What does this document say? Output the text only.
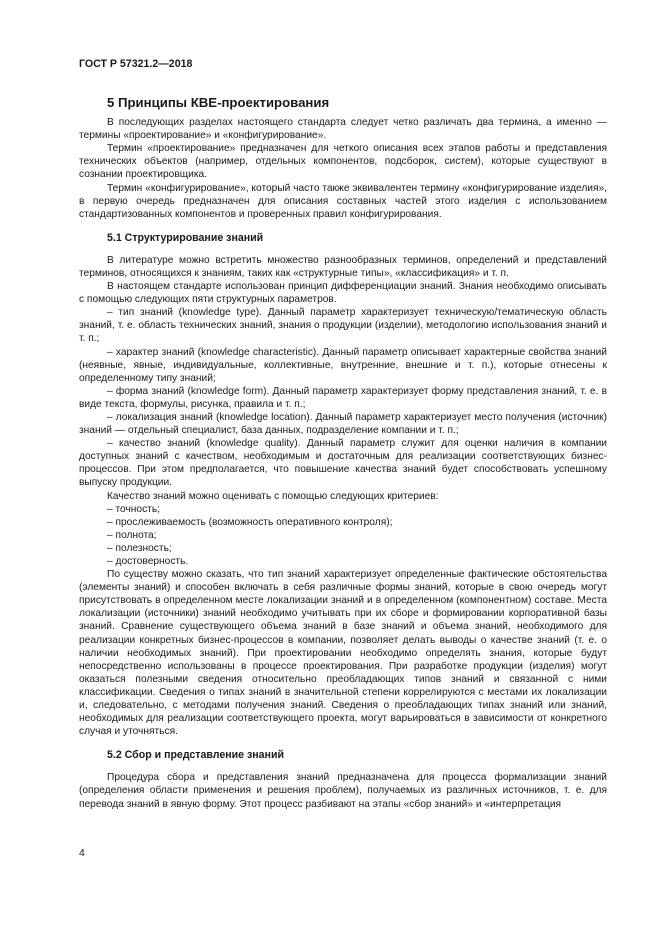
ГОСТ Р 57321.2—2018
5 Принципы КВЕ-проектирования

В последующих разделах настоящего стандарта следует четко различать два термина, а именно — термины «проектирование» и «конфигурирование».

Термин «проектирование» предназначен для четкого описания всех этапов работы и представления технических объектов (например, отдельных компонентов, подсборок, систем), которые существуют в сознании проектировщика.

Термин «конфигурирование», который часто также эквивалентен термину «конфигурирование изделия», в первую очередь предназначен для описания составных частей этого изделия с использованием стандартизованных компонентов и проверенных правил конфигурирования.

5.1 Структурирование знаний

В литературе можно встретить множество разнообразных терминов, определений и представлений терминов, относящихся к знаниям, таких как «структурные типы», «классификация» и т. п.

В настоящем стандарте использован принцип дифференциации знаний. Знания необходимо описывать с помощью следующих пяти структурных параметров.

– тип знаний (knowledge type). Данный параметр характеризует техническую/тематическую область знаний, т. е. область технических знаний, знания о продукции (изделии), методологию использования знаний и т. п.;

– характер знаний (knowledge characteristic). Данный параметр описывает характерные свойства знаний (неявные, явные, индивидуальные, коллективные, внутренние, внешние и т. п.), которые отнесены к определенному типу знаний;

– форма знаний (knowledge form). Данный параметр характеризует форму представления знаний, т. е. в виде текста, формулы, рисунка, правила и т. п.;

– локализация знаний (knowledge location). Данный параметр характеризует место получения (источник) знаний — отдельный специалист, база данных, подразделение компании и т. п.;

– качество знаний (knowledge quality). Данный параметр служит для оценки наличия в компании доступных знаний с качеством, необходимым и достаточным для реализации соответствующих бизнес-процессов. При этом предполагается, что повышение качества знаний будет способствовать успешному выпуску продукции.

Качество знаний можно оценивать с помощью следующих критериев:

– точность;

– прослеживаемость (возможность оперативного контроля);

– полнота;

– полезность;

– достоверность.

По существу можно сказать, что тип знаний характеризует определенные фактические обстоятельства (элементы знаний) и способен включать в себя различные формы знаний, которые в свою очередь могут присутствовать в определенном месте локализации знаний и в определенном (компонентном) составе. Места локализации (источники) знаний необходимо учитывать при их сборе и формировании корпоративной базы знаний. Сравнение существующего объема знаний в базе знаний и объема знаний, необходимого для реализации конкретных бизнес-процессов в компании, позволяет делать выводы о качестве знаний (т. е. о наличии необходимых знаний). При проектировании необходимо определять знания, которые будут непосредственно использованы в процессе проектирования. При разработке продукции (изделия) могут оказаться полезными сведения относительно преобладающих типов знаний и связанной с ними классификации. Сведения о типах знаний в значительной степени коррелируются с местами их локализации и, следовательно, с методами получения знаний. Сведения о преобладающих типах знаний или знаний, необходимых для реализации соответствующего проекта, могут варьироваться в зависимости от конкретного случая и уточняться.

5.2 Сбор и представление знаний

Процедура сбора и представления знаний предназначена для процесса формализации знаний (определения области применения и решения проблем), получаемых из различных источников, т. е. для перевода знаний в явную форму. Этот процесс разбивают на этапы «сбор знаний» и «интерпретация

4
